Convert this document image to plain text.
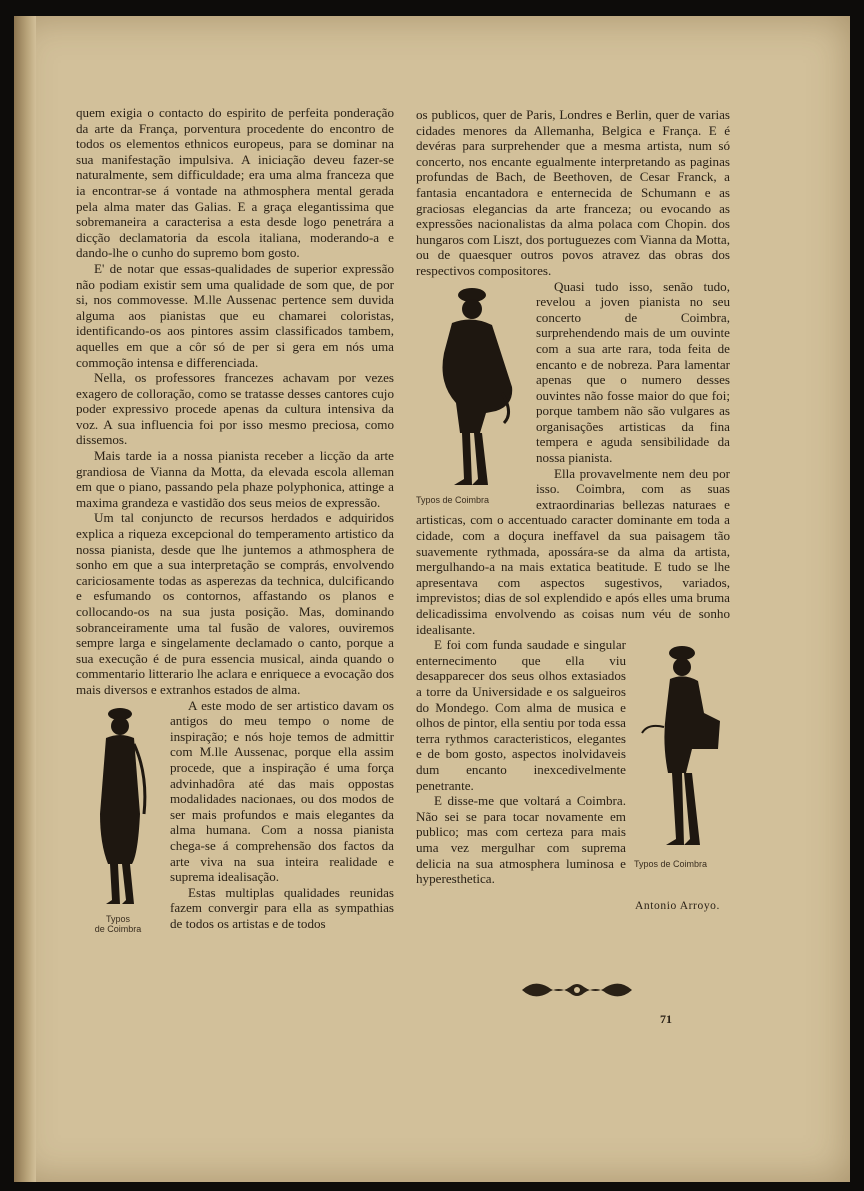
quem exigia o contacto do espirito de perfeita ponderação da arte da França, porventura procedente do encontro de todos os elementos ethnicos europeus, para se dominar na sua manifestação impulsiva. A iniciação deveu fazer-se naturalmente, sem difficuldade; era uma alma franceza que ia encontrar-se á vontade na athmosphera mental gerada pela alma mater das Galias. E a graça elegantissima que sobremaneira a caracterisa a esta desde logo penetrára a dicção declamatoria da escola italiana, moderando-a e dando-lhe o cunho do supremo bom gosto.

E' de notar que essas-qualidades de superior expressão não podiam existir sem uma qualidade de som que, de por si, nos commovesse. M.lle Aussenac pertence sem duvida alguma aos pianistas que eu chamarei coloristas, identificando-os aos pintores assim classificados tambem, aquelles em que a côr só de per si gera em nós uma commoção intensa e differenciada.

Nella, os professores francezes achavam por vezes exagero de colloração, como se tratasse desses cantores cujo poder expressivo procede apenas da cultura intensiva da voz. A sua influencia foi por isso mesmo preciosa, como dissemos.

Mais tarde ia a nossa pianista receber a licção da arte grandiosa de Vianna da Motta, da elevada escola alleman em que o piano, passando pela phaze polyphonica, attinge a maxima grandeza e vastidão dos seus meios de expressão.

Um tal conjuncto de recursos herdados e adquiridos explica a riqueza excepcional do temperamento artistico da nossa pianista, desde que lhe juntemos a athmosphera de sonho em que a sua interpretação se comprás, envolvendo cariciosamente todas as asperezas da technica, dulcificando e esfumando os contornos, affastando os planos e collocando-os na sua justa posição. Mas, dominando sobranceiramente uma tal fusão de valores, ouviremos sempre larga e singelamente declamado o canto, porque a sua execução é de pura essencia musical, ainda quando o commentario litterario lhe aclara e enriquece a evocação dos mais diversos e extranhos estados de alma.

Typos
de Coimbra

A este modo de ser artistico davam os antigos do meu tempo o nome de inspiração; e nós hoje temos de admittir com M.lle Aussenac, porque ella assim procede, que a inspiração é uma força advinhadôra até das mais oppostas modalidades nacionaes, ou dos modos de ser mais profundos e mais elegantes da alma humana. Com a nossa pianista chega-se á comprehensão dos factos da arte viva na sua inteira realidade e suprema idealisação.

Estas multiplas qualidades reunidas fazem convergir para ella as sympathias de todos os artistas e de todos

os publicos, quer de Paris, Londres e Berlin, quer de varias cidades menores da Allemanha, Belgica e França. E é devéras para surprehender que a mesma artista, num só concerto, nos encante egualmente interpretando as paginas profundas de Bach, de Beethoven, de Cesar Franck, a fantasia encantadora e enternecida de Schumann e as graciosas elegancias da arte franceza; ou evocando as expressões nacionalistas da alma polaca com Chopin. dos hungaros com Liszt, dos portuguezes com Vianna da Motta, ou de quaesquer outros povos atravez das obras dos respectivos compositores.

Typos de Coimbra

Quasi tudo isso, senão tudo, revelou a joven pianista no seu concerto de Coimbra, surprehendendo mais de um ouvinte com a sua arte rara, toda feita de encanto e de nobreza. Para lamentar apenas que o numero desses ouvintes não fosse maior do que foi; porque tambem não são vulgares as organisações artisticas da fina tempera e aguda sensibilidade da nossa pianista.

Ella provavelmente nem deu por isso. Coimbra, com as suas extraordinarias bellezas naturaes e artisticas, com o accentuado caracter dominante em toda a cidade, com a doçura ineffavel da sua paisagem tão suavemente rythmada, apossára-se da alma da artista, mergulhando-a na mais extatica beatitude. E tudo se lhe apresentava com aspectos sugestivos, variados, imprevistos; dias de sol explendido e após elles uma bruma delicadissima envolvendo as coisas num véu de sonho idealisante.

Typos de Coimbra

E foi com funda saudade e singular enternecimento que ella viu desapparecer dos seus olhos extasiados a torre da Universidade e os salgueiros do Mondego. Com alma de musica e olhos de pintor, ella sentiu por toda essa terra rythmos caracteristicos, elegantes e de bom gosto, aspectos inolvidaveis dum encanto inexcedivelmente penetrante.

E disse-me que voltará a Coimbra. Não sei se para tocar novamente em publico; mas com certeza para mais uma vez mergulhar com suprema delicia na sua atmosphera luminosa e hyperesthetica.

Antonio Arroyo.
71
